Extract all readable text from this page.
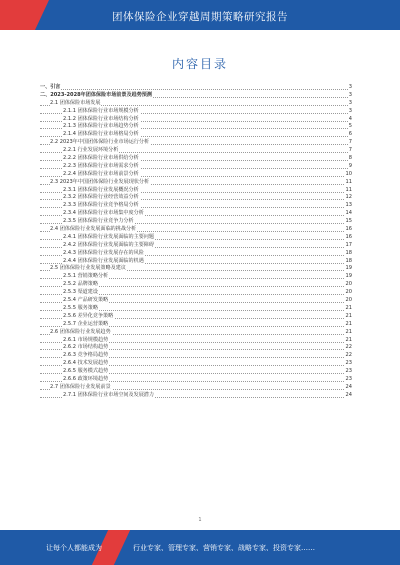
团体保险企业穿越周期策略研究报告
内容目录
一、引言	3
二、2023-2028年团体保险市场前景及趋势预测	3
2.1 团体保险市场发展	3
2.1.1 团体保险行业市场规模分析	3
2.1.2 团体保险行业市场结构分析	4
2.1.3 团体保险行业市场趋势分析	5
2.1.4 团体保险行业市场格局分析	6
2.2 2023年中国团体保险行业市场运行分析	7
2.2.1 行业发展环境分析	7
2.2.2 团体保险行业市场供给分析	8
2.2.3 团体保险行业市场需求分析	9
2.2.4 团体保险行业市场前景分析	10
2.3 2023年中国团体保险行业发展现状分析	11
2.3.1 团体保险行业发展概况分析	11
2.3.2 团体保险行业经营效益分析	12
2.3.3 团体保险行业竞争格局分析	13
2.3.4 团体保险行业市场集中度分析	14
2.3.5 团体保险行业竞争力分析	15
2.4 团体保险行业发展面临的挑战分析	16
2.4.1 团体保险行业发展面临的主要问题	16
2.4.2 团体保险行业发展面临的主要障碍	17
2.4.3 团体保险行业发展存在的风险	18
2.4.4 团体保险行业发展面临的机遇	18
2.5 团体保险行业发展策略及建议	19
2.5.1 营销策略分析	19
2.5.2 品牌策略	20
2.5.3 渠道建设	20
2.5.4 产品研发策略	20
2.5.5 服务策略	21
2.5.6 差异化竞争策略	21
2.5.7 企业运营策略	21
2.6 团体保险行业发展趋势	21
2.6.1 市场规模趋势	21
2.6.2 市场结构趋势	22
2.6.3 竞争格局趋势	22
2.6.4 技术发展趋势	23
2.6.5 服务模式趋势	23
2.6.6 政策环境趋势	23
2.7 团体保险行业发展前景	24
2.7.1 团体保险行业市场空间及发展潜力	24
1
让每个人都能成为	行业专家、管理专家、营销专家、战略专家、投资专家……
